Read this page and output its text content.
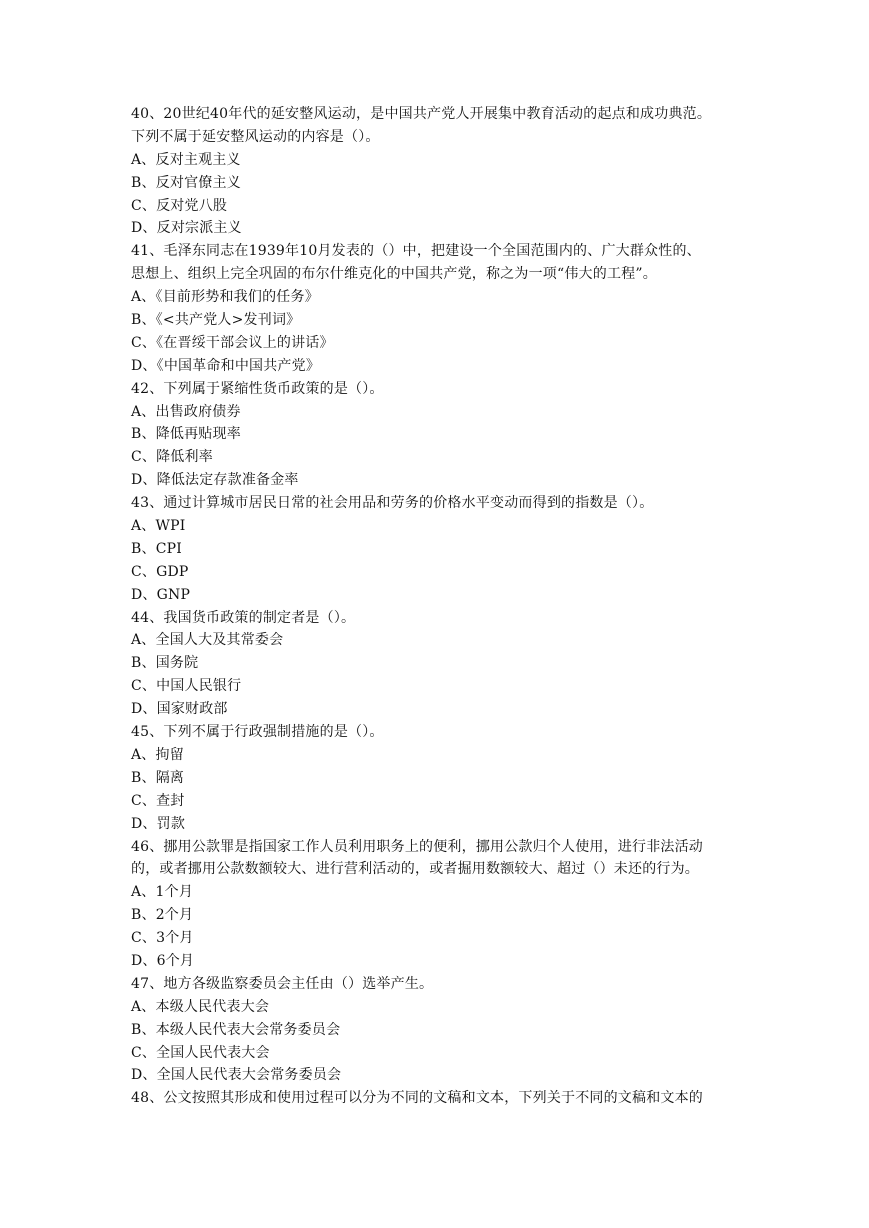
40、20世纪40年代的延安整风运动，是中国共产党人开展集中教育活动的起点和成功典范。
下列不属于延安整风运动的内容是（）。
A、反对主观主义
B、反对官僚主义
C、反对党八股
D、反对宗派主义
41、毛泽东同志在1939年10月发表的（）中，把建设一个全国范围内的、广大群众性的、
思想上、组织上完全巩固的布尔什维克化的中国共产党，称之为一项“伟大的工程”。
A、《目前形势和我们的任务》
B、《<共产党人>发刊词》
C、《在晋绥干部会议上的讲话》
D、《中国革命和中国共产党》
42、下列属于紧缩性货币政策的是（）。
A、出售政府债券
B、降低再贴现率
C、降低利率
D、降低法定存款准备金率
43、通过计算城市居民日常的社会用品和劳务的价格水平变动而得到的指数是（）。
A、WPI
B、CPI
C、GDP
D、GNP
44、我国货币政策的制定者是（）。
A、全国人大及其常委会
B、国务院
C、中国人民银行
D、国家财政部
45、下列不属于行政强制措施的是（）。
A、拘留
B、隔离
C、查封
D、罚款
46、挪用公款罪是指国家工作人员利用职务上的便利，挪用公款归个人使用，进行非法活动
的，或者挪用公款数额较大、进行营利活动的，或者掘用数额较大、超过（）未还的行为。
A、1个月
B、2个月
C、3个月
D、6个月
47、地方各级监察委员会主任由（）选举产生。
A、本级人民代表大会
B、本级人民代表大会常务委员会
C、全国人民代表大会
D、全国人民代表大会常务委员会
48、公文按照其形成和使用过程可以分为不同的文稿和文本，下列关于不同的文稿和文本的
